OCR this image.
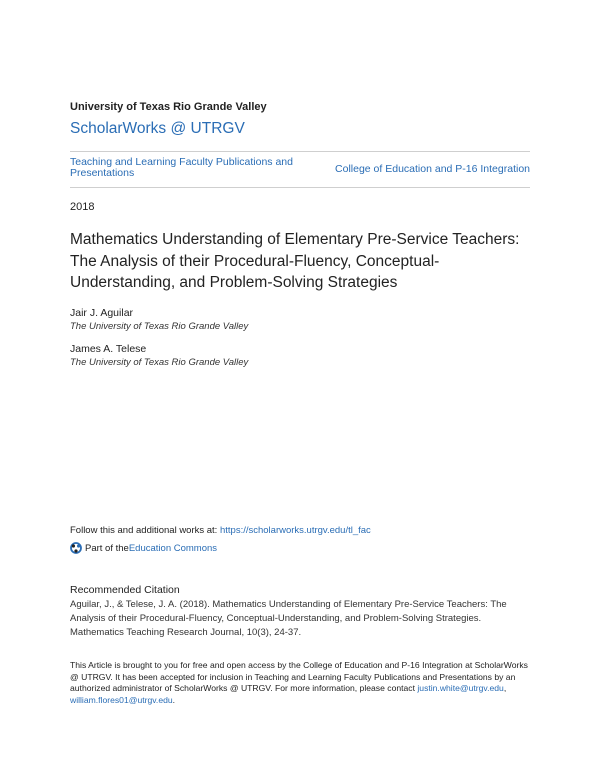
University of Texas Rio Grande Valley
ScholarWorks @ UTRGV
Teaching and Learning Faculty Publications and Presentations	College of Education and P-16 Integration
2018
Mathematics Understanding of Elementary Pre-Service Teachers: The Analysis of their Procedural-Fluency, Conceptual-Understanding, and Problem-Solving Strategies
Jair J. Aguilar
The University of Texas Rio Grande Valley
James A. Telese
The University of Texas Rio Grande Valley
Follow this and additional works at: https://scholarworks.utrgv.edu/tl_fac
Part of the Education Commons
Recommended Citation
Aguilar, J., & Telese, J. A. (2018). Mathematics Understanding of Elementary Pre-Service Teachers: The Analysis of their Procedural-Fluency, Conceptual-Understanding, and Problem-Solving Strategies. Mathematics Teaching Research Journal, 10(3), 24-37.
This Article is brought to you for free and open access by the College of Education and P-16 Integration at ScholarWorks @ UTRGV. It has been accepted for inclusion in Teaching and Learning Faculty Publications and Presentations by an authorized administrator of ScholarWorks @ UTRGV. For more information, please contact justin.white@utrgv.edu, william.flores01@utrgv.edu.
